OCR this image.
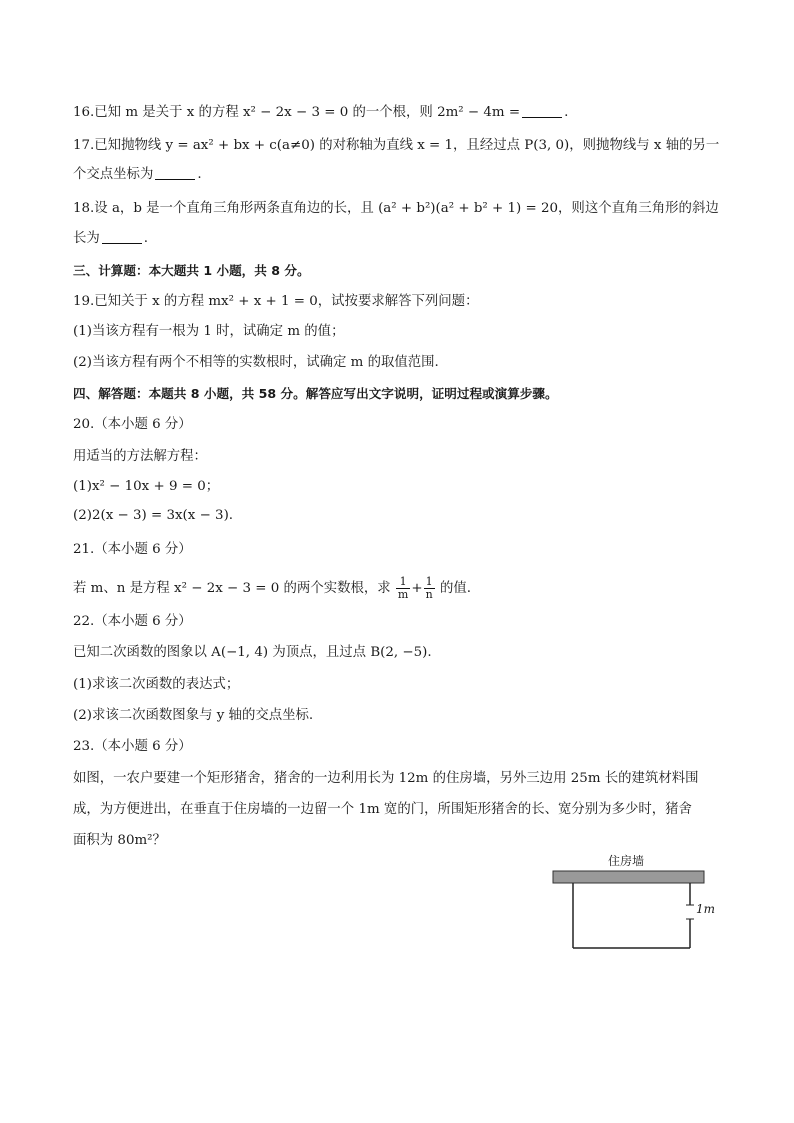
16.已知 m 是关于 x 的方程 x² − 2x − 3 = 0 的一个根，则 2m² − 4m =	.
17.已知抛物线 y = ax² + bx + c(a≠0) 的对称轴为直线 x = 1，且经过点 P(3, 0)，则抛物线与 x 轴的另一
个交点坐标为	.
18.设 a，b 是一个直角三角形两条直角边的长，且 (a² + b²)(a² + b² + 1) = 20，则这个直角三角形的斜边
长为	.
三、计算题：本大题共 1 小题，共 8 分。
19.已知关于 x 的方程 mx² + x + 1 = 0，试按要求解答下列问题：
(1)当该方程有一根为 1 时，试确定 m 的值；
(2)当该方程有两个不相等的实数根时，试确定 m 的取值范围.
四、解答题：本题共 8 小题，共 58 分。解答应写出文字说明，证明过程或演算步骤。
20.（本小题 6 分）
用适当的方法解方程：
(1)x² − 10x + 9 = 0；
(2)2(x − 3) = 3x(x − 3).
21.（本小题 6 分）
若 m、n 是方程 x² − 2x − 3 = 0 的两个实数根，求 $\frac{1}{m} + \frac{1}{n}$ 的值.
22.（本小题 6 分）
已知二次函数的图象以 A(−1, 4) 为顶点，且过点 B(2, −5).
(1)求该二次函数的表达式；
(2)求该二次函数图象与 y 轴的交点坐标.
23.（本小题 6 分）
如图，一农户要建一个矩形猪舍，猪舍的一边利用长为 12m 的住房墙，另外三边用 25m 长的建筑材料围
成，为方便进出，在垂直于住房墙的一边留一个 1m 宽的门，所围矩形猪舍的长、宽分别为多少时，猪舍
面积为 80m²？
住房墙
1m
